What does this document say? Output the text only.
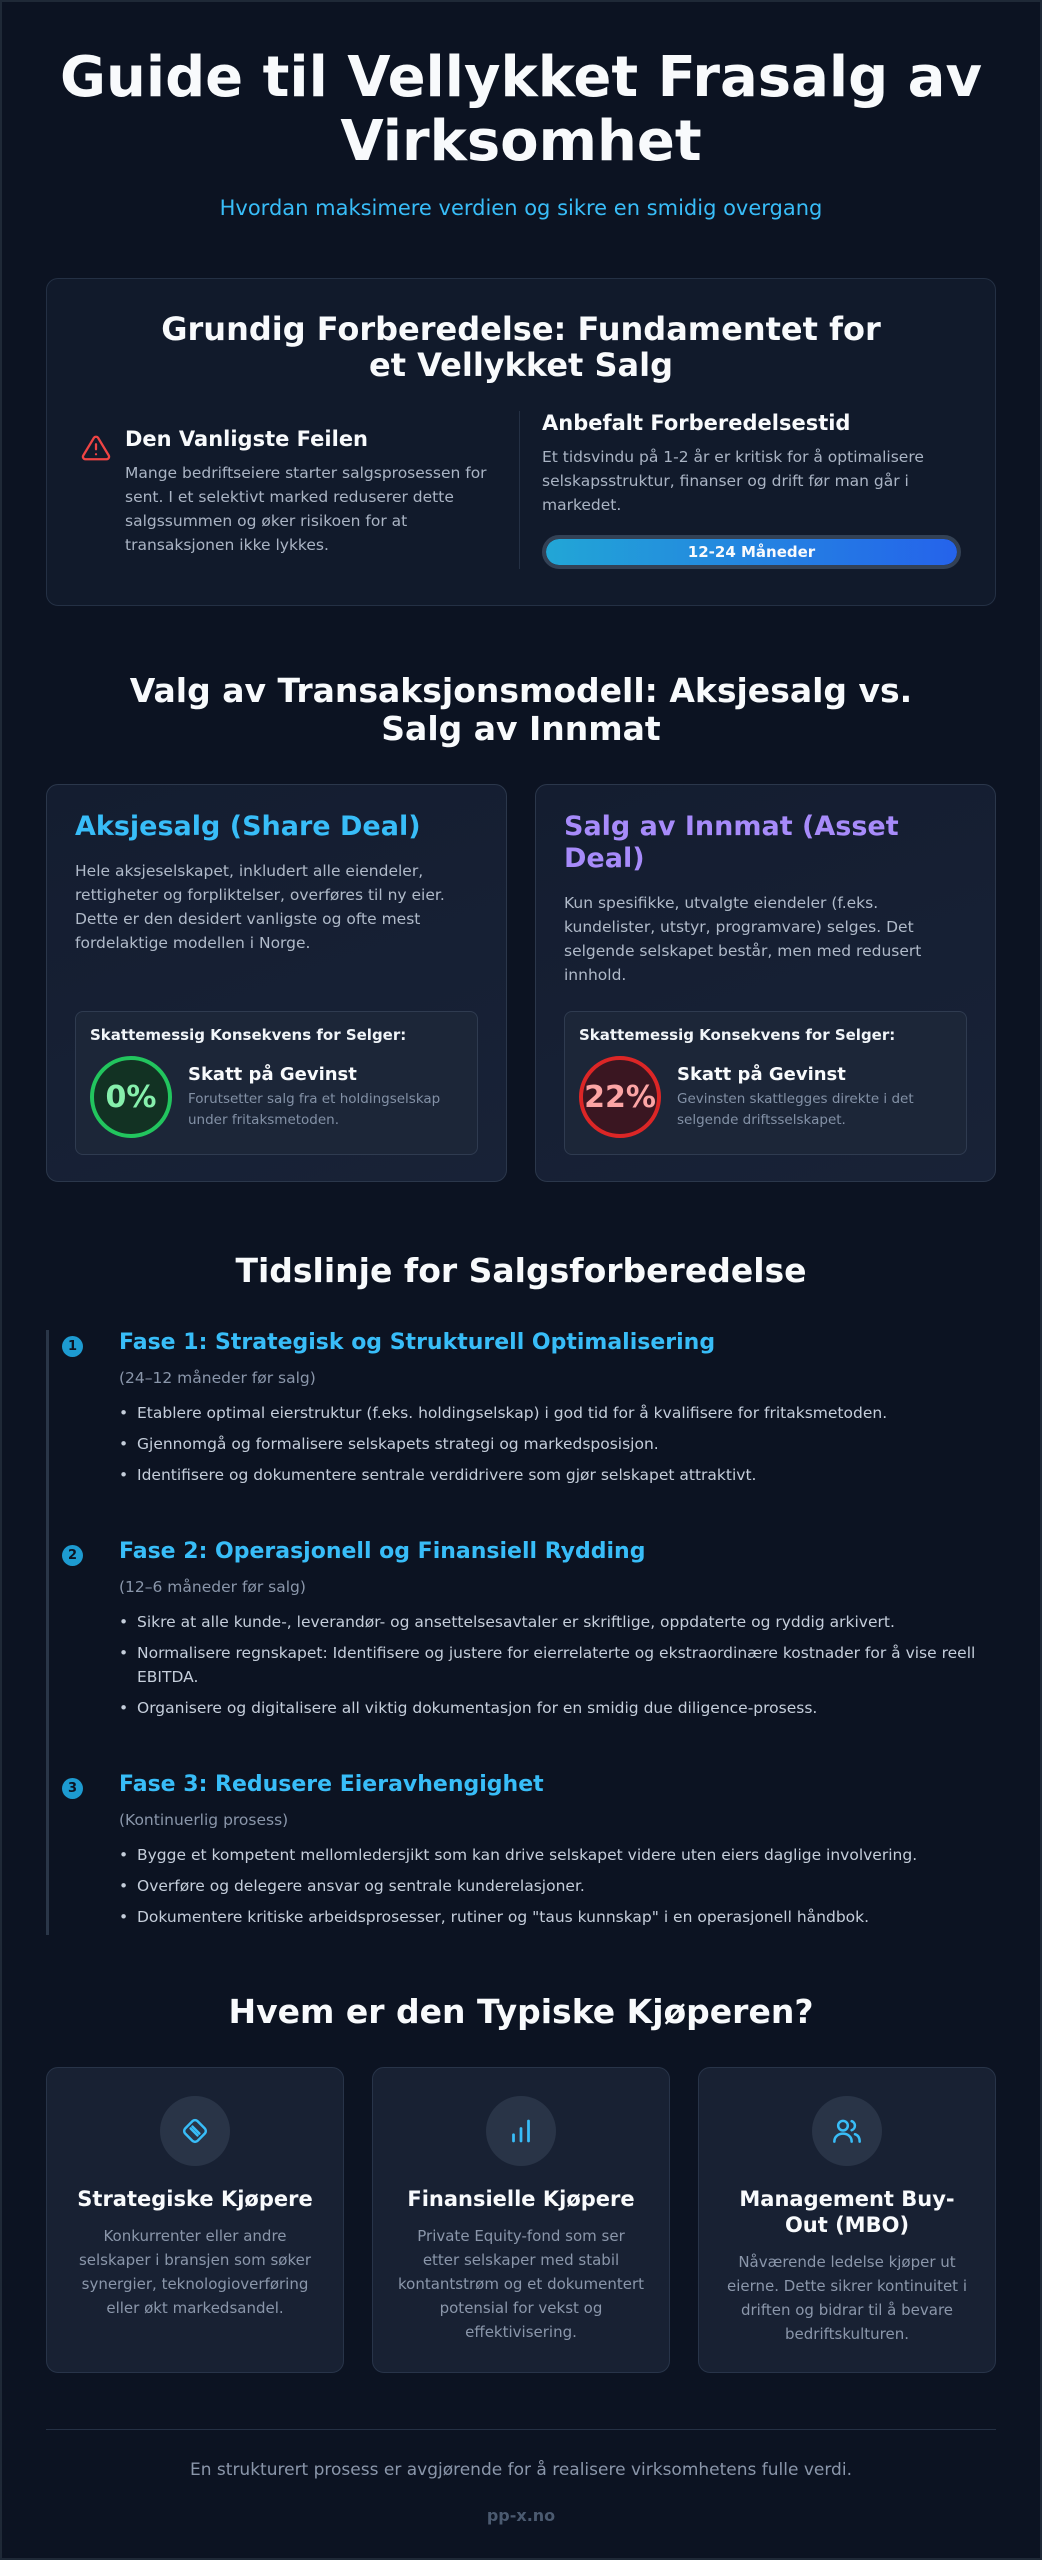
Guide til Vellykket Frasalg av Virksomhet

Hvordan maksimere verdien og sikre en smidig overgang

Grundig Forberedelse: Fundamentet for et Vellykket Salg
Den Vanligste Feilen

Mange bedriftseiere starter salgsprosessen for sent. I et selektivt marked reduserer dette salgssummen og øker risikoen for at transaksjonen ikke lykkes.

Anbefalt Forberedelsestid

Et tidsvindu på 1-2 år er kritisk for å optimalisere selskapsstruktur, finanser og drift før man går i markedet.

12-24 Måneder
Valg av Transaksjonsmodell: Aksjesalg vs. Salg av Innmat
Aksjesalg (Share Deal)

Hele aksjeselskapet, inkludert alle eiendeler, rettigheter og forpliktelser, overføres til ny eier. Dette er den desidert vanligste og ofte mest fordelaktige modellen i Norge.

Skattemessig Konsekvens for Selger:
0%
Skatt på Gevinst
Forutsetter salg fra et holdingselskap under fritaksmetoden.
Salg av Innmat (Asset Deal)

Kun spesifikke, utvalgte eiendeler (f.eks. kundelister, utstyr, programvare) selges. Det selgende selskapet består, men med redusert innhold.

Skattemessig Konsekvens for Selger:
22%
Skatt på Gevinst
Gevinsten skattlegges direkte i det selgende driftsselskapet.
Tidslinje for Salgsforberedelse
1 Fase 1: Strategisk og Strukturell Optimalisering
(24–12 måneder før salg)
• Etablere optimal eierstruktur (f.eks. holdingselskap) i god tid for å kvalifisere for fritaksmetoden.
• Gjennomgå og formalisere selskapets strategi og markedsposisjon.
• Identifisere og dokumentere sentrale verdidrivere som gjør selskapet attraktivt.
2 Fase 2: Operasjonell og Finansiell Rydding
(12–6 måneder før salg)
• Sikre at alle kunde-, leverandør- og ansettelsesavtaler er skriftlige, oppdaterte og ryddig arkivert.
• Normalisere regnskapet: Identifisere og justere for eierrelaterte og ekstraordinære kostnader for å vise reell EBITDA.
• Organisere og digitalisere all viktig dokumentasjon for en smidig due diligence-prosess.
3 Fase 3: Redusere Eieravhengighet
(Kontinuerlig prosess)
• Bygge et kompetent mellomledersjikt som kan drive selskapet videre uten eiers daglige involvering.
• Overføre og delegere ansvar og sentrale kunderelasjoner.
• Dokumentere kritiske arbeidsprosesser, rutiner og "taus kunnskap" i en operasjonell håndbok.
Hvem er den Typiske Kjøperen?
Strategiske Kjøpere

Konkurrenter eller andre selskaper i bransjen som søker synergier, teknologioverføring eller økt markedsandel.

Finansielle Kjøpere

Private Equity-fond som ser etter selskaper med stabil kontantstrøm og et dokumentert potensial for vekst og effektivisering.

Management Buy-Out (MBO)

Nåværende ledelse kjøper ut eierne. Dette sikrer kontinuitet i driften og bidrar til å bevare bedriftskulturen.

En strukturert prosess er avgjørende for å realisere virksomhetens fulle verdi.

pp-x.no
